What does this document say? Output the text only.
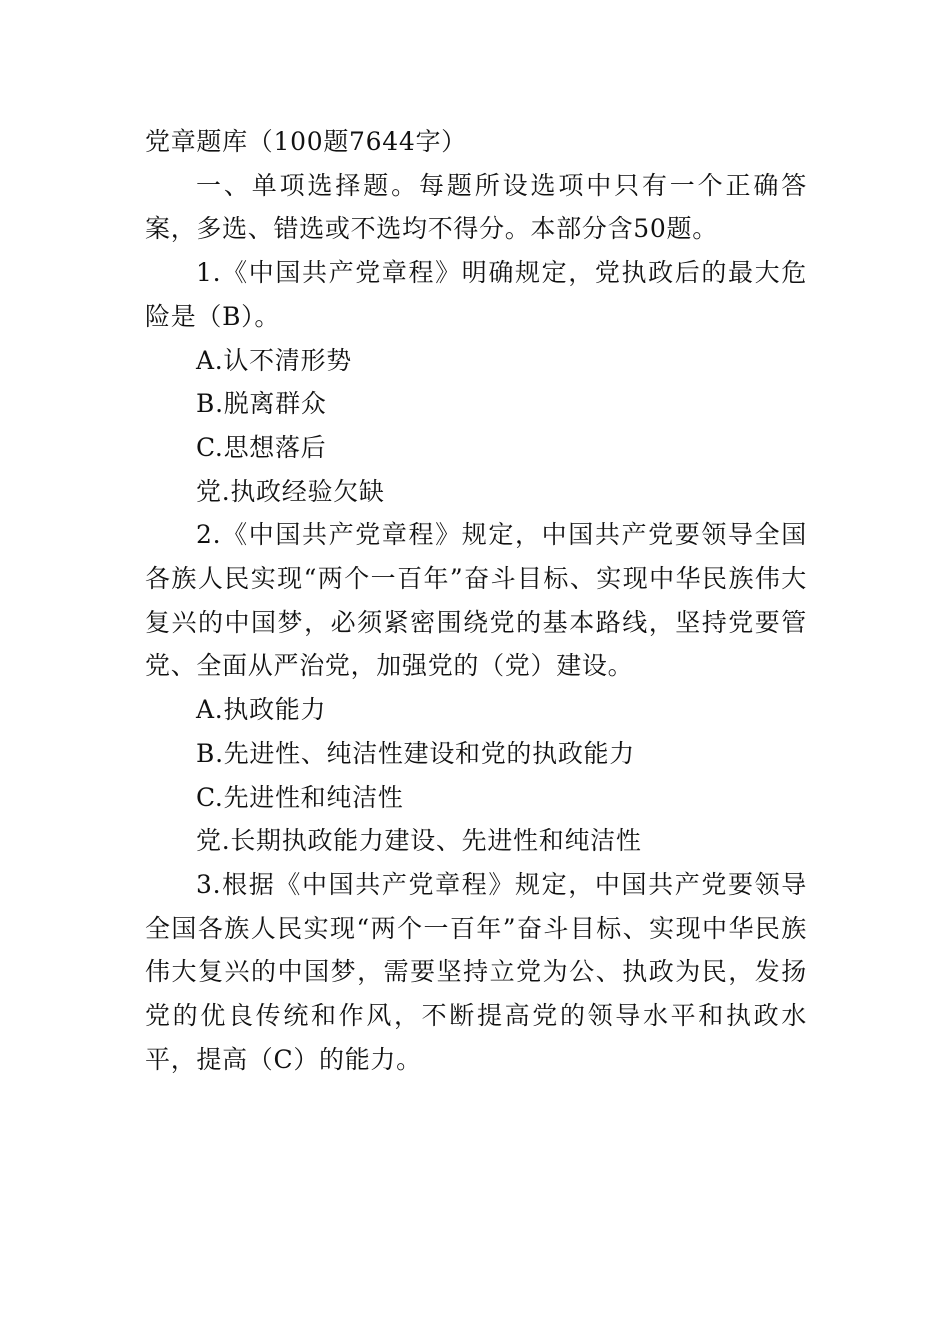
党章题库（100题7644字）

一、单项选择题。每题所设选项中只有一个正确答案，多选、错选或不选均不得分。本部分含50题。

1.《中国共产党章程》明确规定，党执政后的最大危险是（B）。

A.认不清形势

B.脱离群众

C.思想落后

党.执政经验欠缺

2.《中国共产党章程》规定，中国共产党要领导全国各族人民实现“两个一百年”奋斗目标、实现中华民族伟大复兴的中国梦，必须紧密围绕党的基本路线，坚持党要管党、全面从严治党，加强党的（党）建设。

A.执政能力

B.先进性、纯洁性建设和党的执政能力

C.先进性和纯洁性

党.长期执政能力建设、先进性和纯洁性

3.根据《中国共产党章程》规定，中国共产党要领导全国各族人民实现“两个一百年”奋斗目标、实现中华民族伟大复兴的中国梦，需要坚持立党为公、执政为民，发扬党的优良传统和作风，不断提高党的领导水平和执政水平，提高（C）的能力。
